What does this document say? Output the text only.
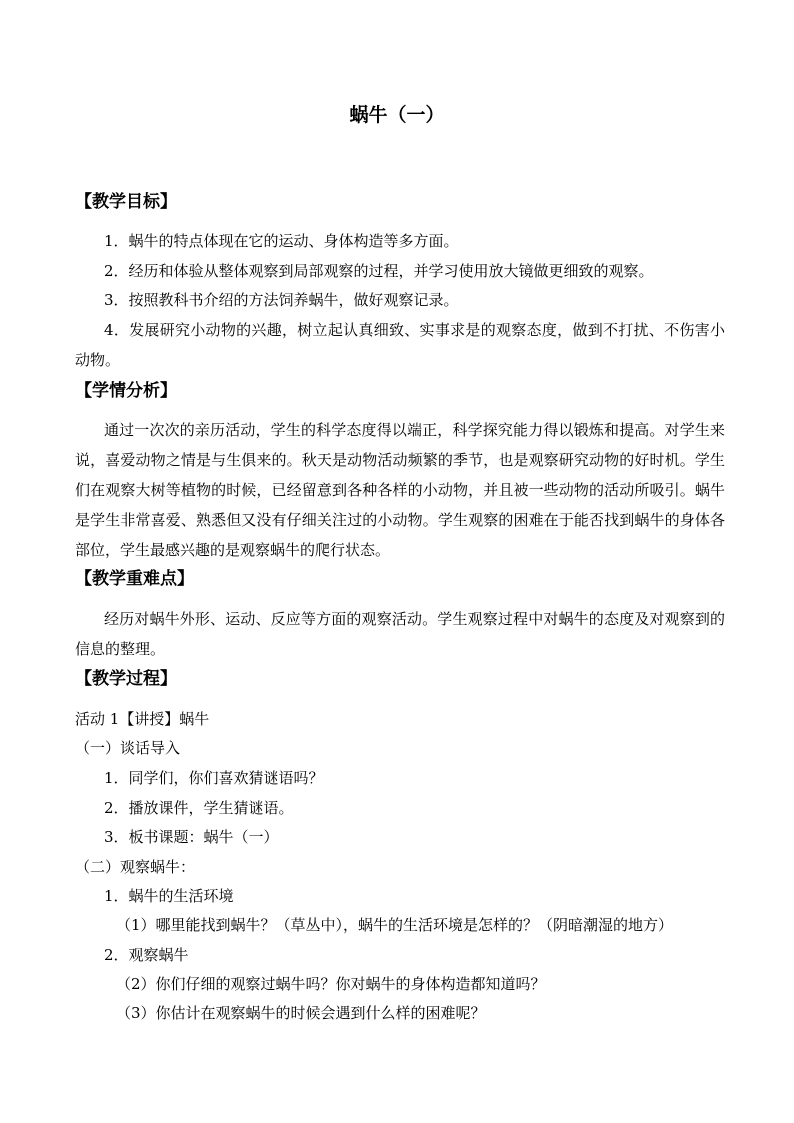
蜗牛（一）
【教学目标】
1．蜗牛的特点体现在它的运动、身体构造等多方面。
2．经历和体验从整体观察到局部观察的过程，并学习使用放大镜做更细致的观察。
3．按照教科书介绍的方法饲养蜗牛，做好观察记录。
4．发展研究小动物的兴趣，树立起认真细致、实事求是的观察态度，做到不打扰、不伤害小动物。
【学情分析】
通过一次次的亲历活动，学生的科学态度得以端正，科学探究能力得以锻炼和提高。对学生来说，喜爱动物之情是与生俱来的。秋天是动物活动频繁的季节，也是观察研究动物的好时机。学生们在观察大树等植物的时候，已经留意到各种各样的小动物，并且被一些动物的活动所吸引。蜗牛是学生非常喜爱、熟悉但又没有仔细关注过的小动物。学生观察的困难在于能否找到蜗牛的身体各部位，学生最感兴趣的是观察蜗牛的爬行状态。
【教学重难点】
经历对蜗牛外形、运动、反应等方面的观察活动。学生观察过程中对蜗牛的态度及对观察到的信息的整理。
【教学过程】
活动 1【讲授】蜗牛
（一）谈话导入
1．同学们，你们喜欢猜谜语吗？
2．播放课件，学生猜谜语。
3．板书课题：蜗牛（一）
（二）观察蜗牛：
1．蜗牛的生活环境
（1）哪里能找到蜗牛？（草丛中），蜗牛的生活环境是怎样的？（阴暗潮湿的地方）
2．观察蜗牛
（2）你们仔细的观察过蜗牛吗？你对蜗牛的身体构造都知道吗？
（3）你估计在观察蜗牛的时候会遇到什么样的困难呢？
